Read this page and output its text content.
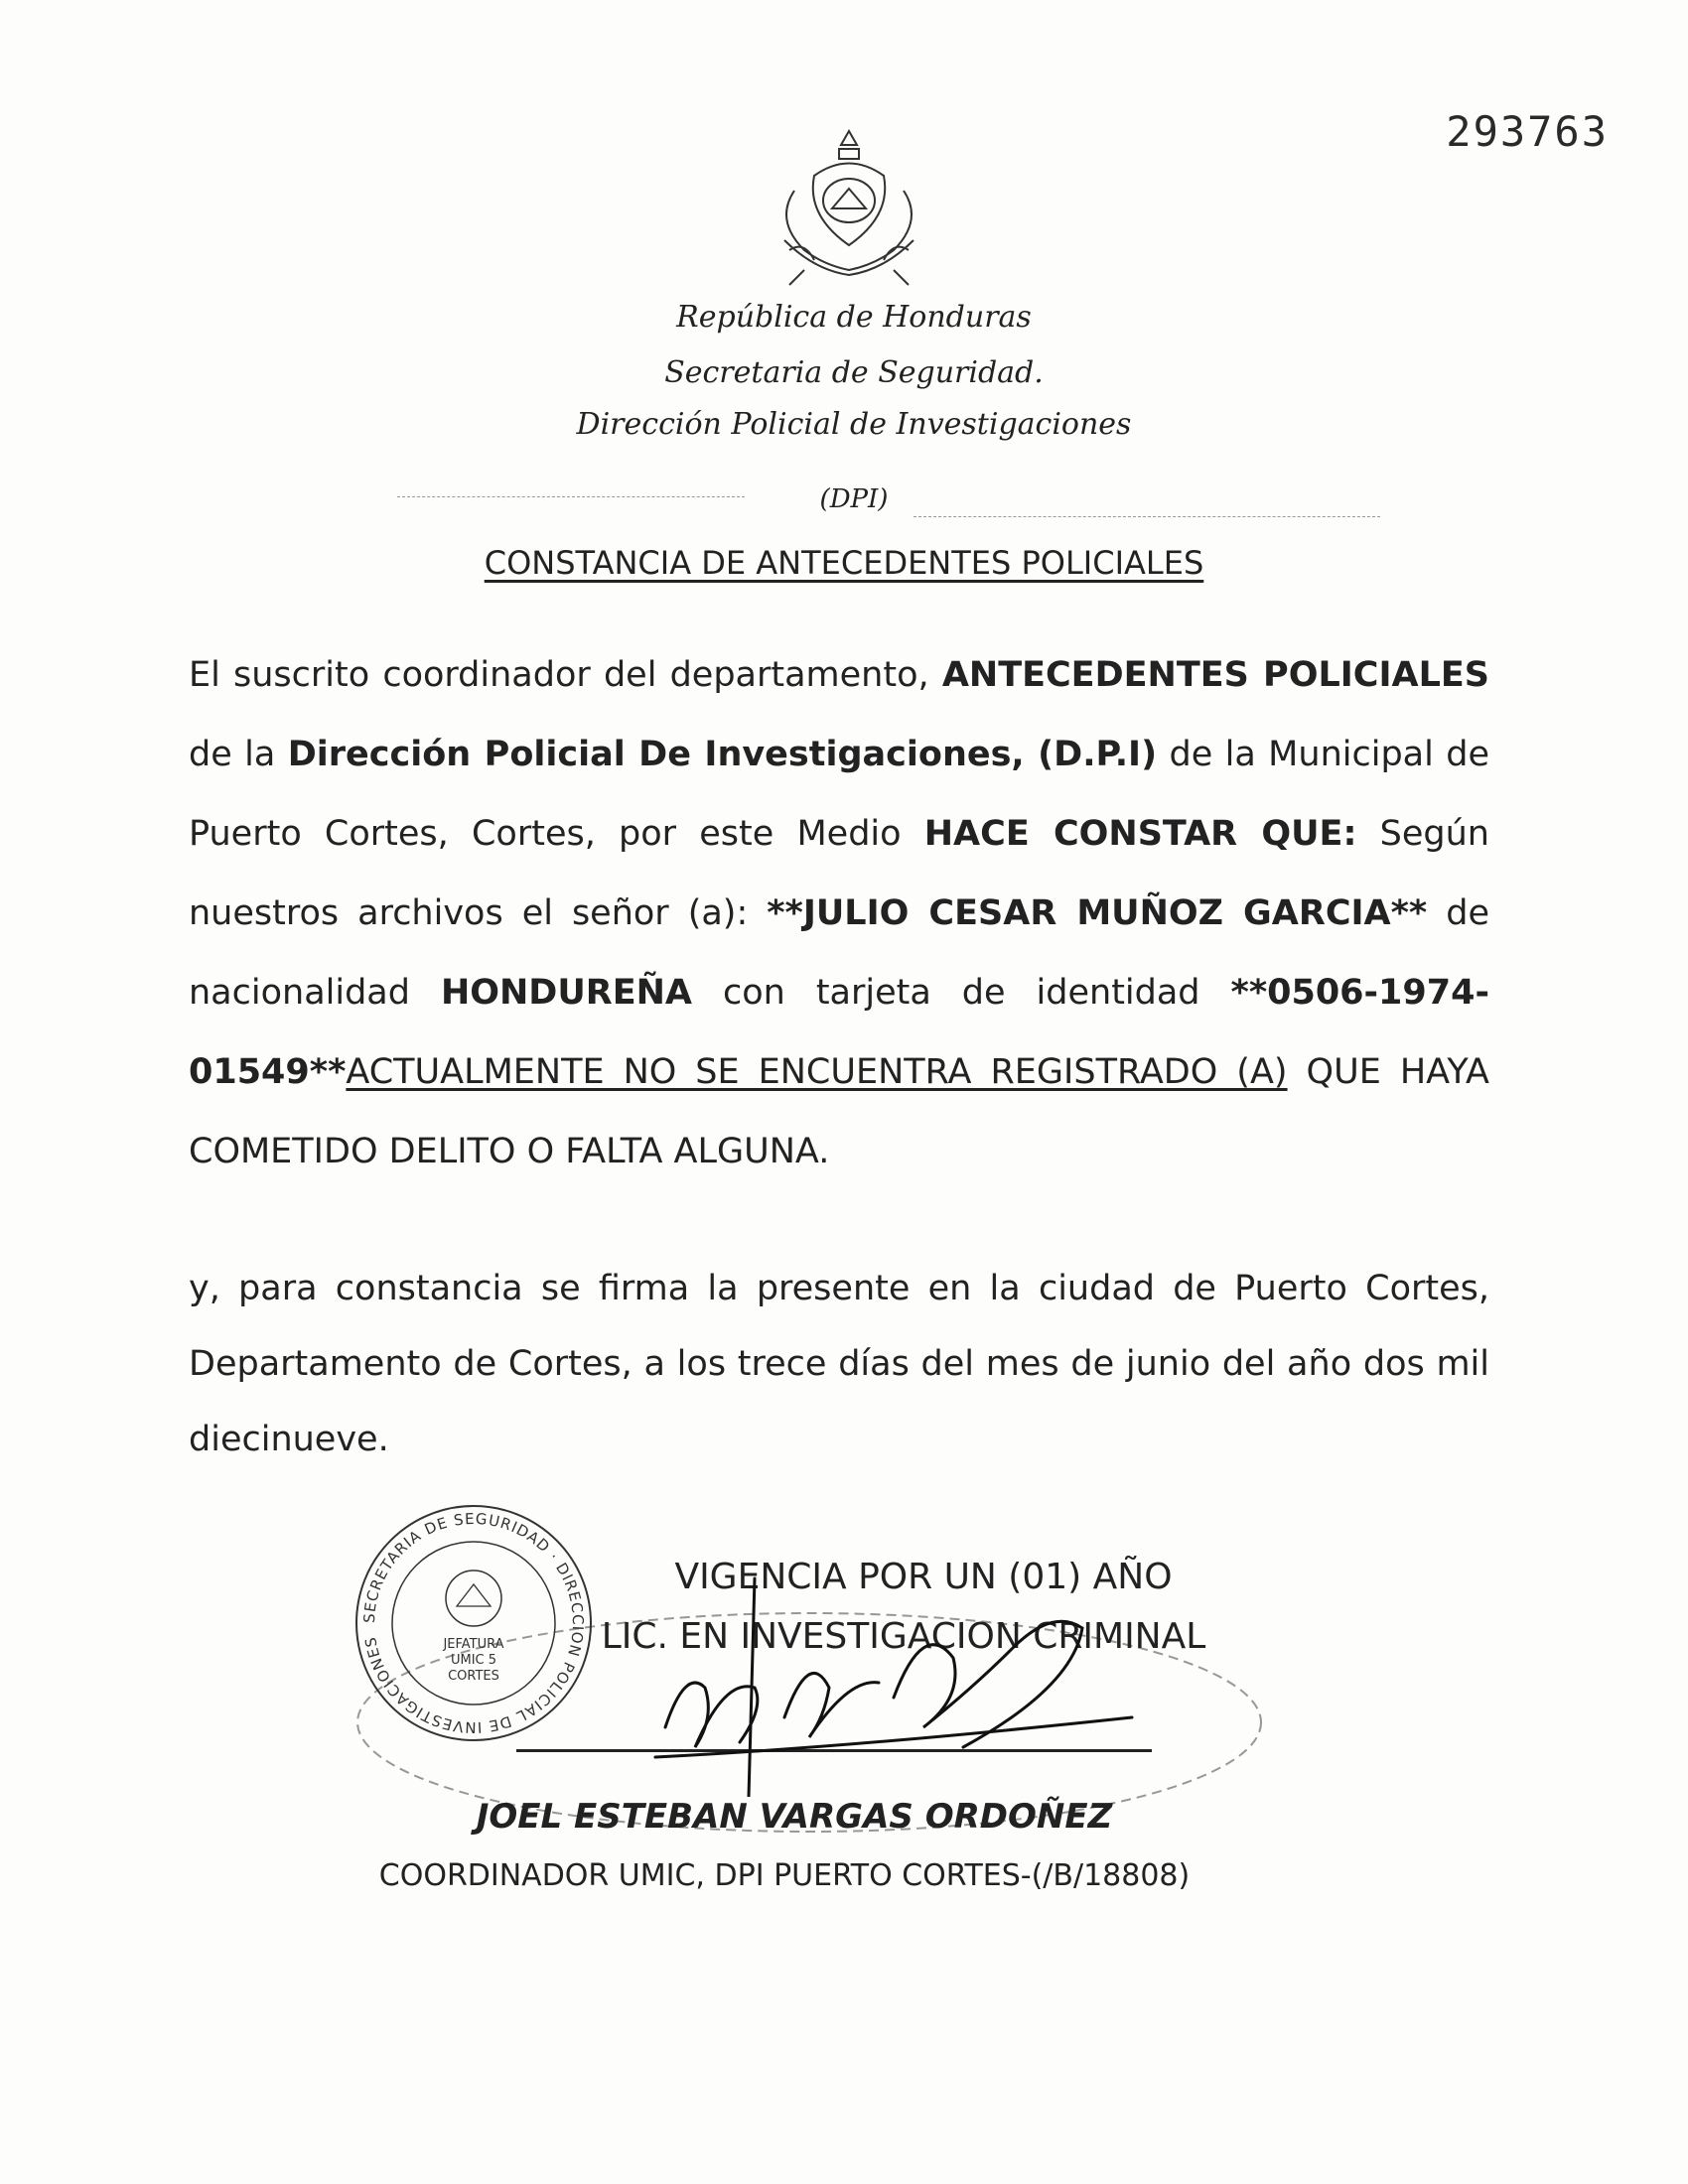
293763
República de Honduras
Secretaria de Seguridad.
Dirección Policial de Investigaciones
(DPI)
CONSTANCIA DE ANTECEDENTES POLICIALES
El suscrito coordinador del departamento, ANTECEDENTES POLICIALES de la Dirección Policial De Investigaciones, (D.P.I) de la Municipal de Puerto Cortes, Cortes, por este Medio HACE CONSTAR QUE: Según nuestros archivos el señor (a): **JULIO CESAR MUÑOZ GARCIA** de nacionalidad HONDUREÑA con tarjeta de identidad **0506-1974-01549**ACTUALMENTE NO SE ENCUENTRA REGISTRADO (A) QUE HAYA COMETIDO DELITO O FALTA ALGUNA.
y, para constancia se firma la presente en la ciudad de Puerto Cortes, Departamento de Cortes, a los trece días del mes de junio del año dos mil diecinueve.
SECRETARIA DE SEGURIDAD · DIRECCION POLICIAL DE INVESTIGACIONES	JEFATURA
UMIC 5
CORTES
VIGENCIA POR UN (01) AÑO
LIC. EN INVESTIGACION CRIMINAL
JOEL ESTEBAN VARGAS ORDOÑEZ
COORDINADOR UMIC, DPI PUERTO CORTES-(/B/18808)
